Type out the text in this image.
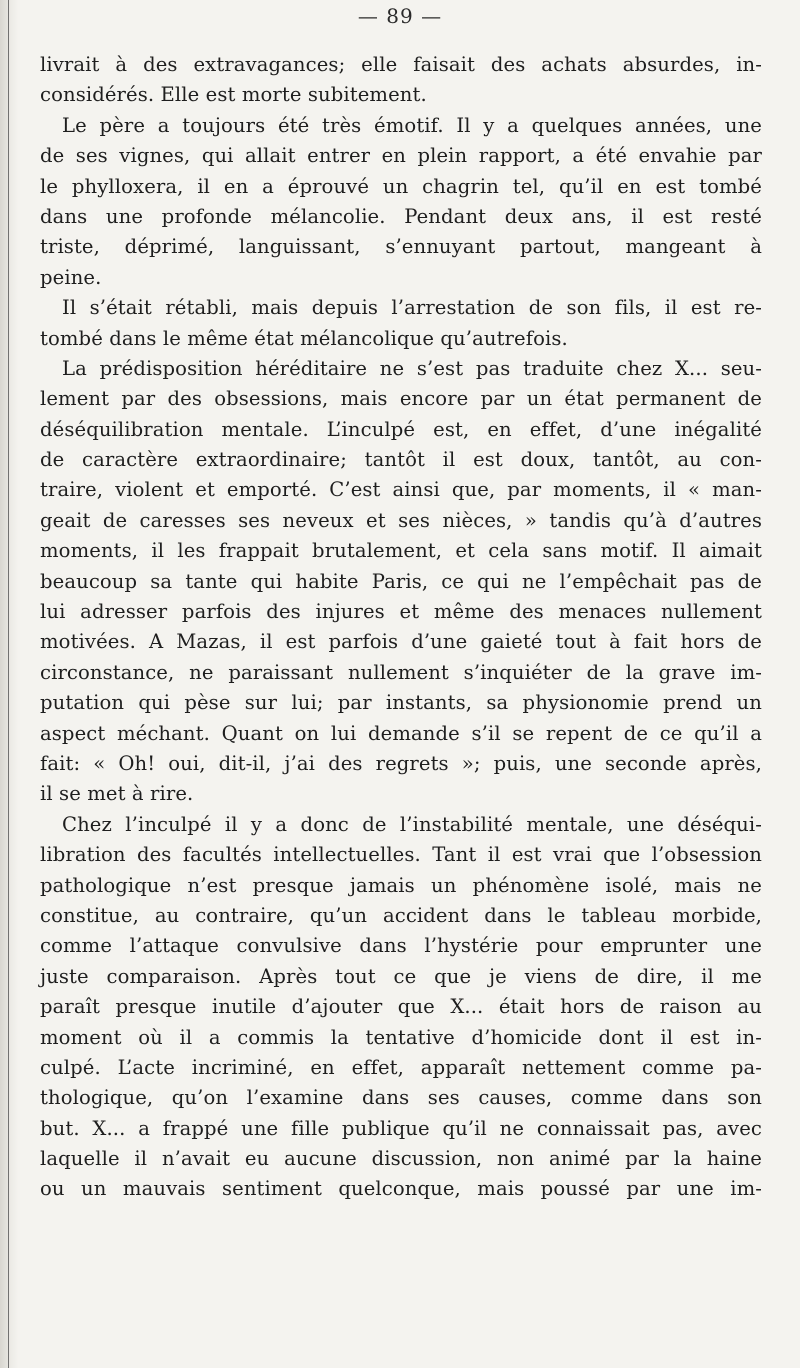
— 89 —
livrait à des extravagances; elle faisait des achats absurdes, in-
considérés. Elle est morte subitement.
Le père a toujours été très émotif. Il y a quelques années, une
de ses vignes, qui allait entrer en plein rapport, a été envahie par
le phylloxera, il en a éprouvé un chagrin tel, qu’il en est tombé
dans une profonde mélancolie. Pendant deux ans, il est resté
triste, déprimé, languissant, s’ennuyant partout, mangeant à
peine.
Il s’était rétabli, mais depuis l’arrestation de son fils, il est re-
tombé dans le même état mélancolique qu’autrefois.
La prédisposition héréditaire ne s’est pas traduite chez X... seu-
lement par des obsessions, mais encore par un état permanent de
déséquilibration mentale. L’inculpé est, en effet, d’une inégalité
de caractère extraordinaire; tantôt il est doux, tantôt, au con-
traire, violent et emporté. C’est ainsi que, par moments, il « man-
geait de caresses ses neveux et ses nièces, » tandis qu’à d’autres
moments, il les frappait brutalement, et cela sans motif. Il aimait
beaucoup sa tante qui habite Paris, ce qui ne l’empêchait pas de
lui adresser parfois des injures et même des menaces nullement
motivées. A Mazas, il est parfois d’une gaieté tout à fait hors de
circonstance, ne paraissant nullement s’inquiéter de la grave im-
putation qui pèse sur lui; par instants, sa physionomie prend un
aspect méchant. Quant on lui demande s’il se repent de ce qu’il a
fait: « Oh! oui, dit-il, j’ai des regrets »; puis, une seconde après,
il se met à rire.
Chez l’inculpé il y a donc de l’instabilité mentale, une déséqui-
libration des facultés intellectuelles. Tant il est vrai que l’obsession
pathologique n’est presque jamais un phénomène isolé, mais ne
constitue, au contraire, qu’un accident dans le tableau morbide,
comme l’attaque convulsive dans l’hystérie pour emprunter une
juste comparaison. Après tout ce que je viens de dire, il me
paraît presque inutile d’ajouter que X... était hors de raison au
moment où il a commis la tentative d’homicide dont il est in-
culpé. L’acte incriminé, en effet, apparaît nettement comme pa-
thologique, qu’on l’examine dans ses causes, comme dans son
but. X... a frappé une fille publique qu’il ne connaissait pas, avec
laquelle il n’avait eu aucune discussion, non animé par la haine
ou un mauvais sentiment quelconque, mais poussé par une im-
